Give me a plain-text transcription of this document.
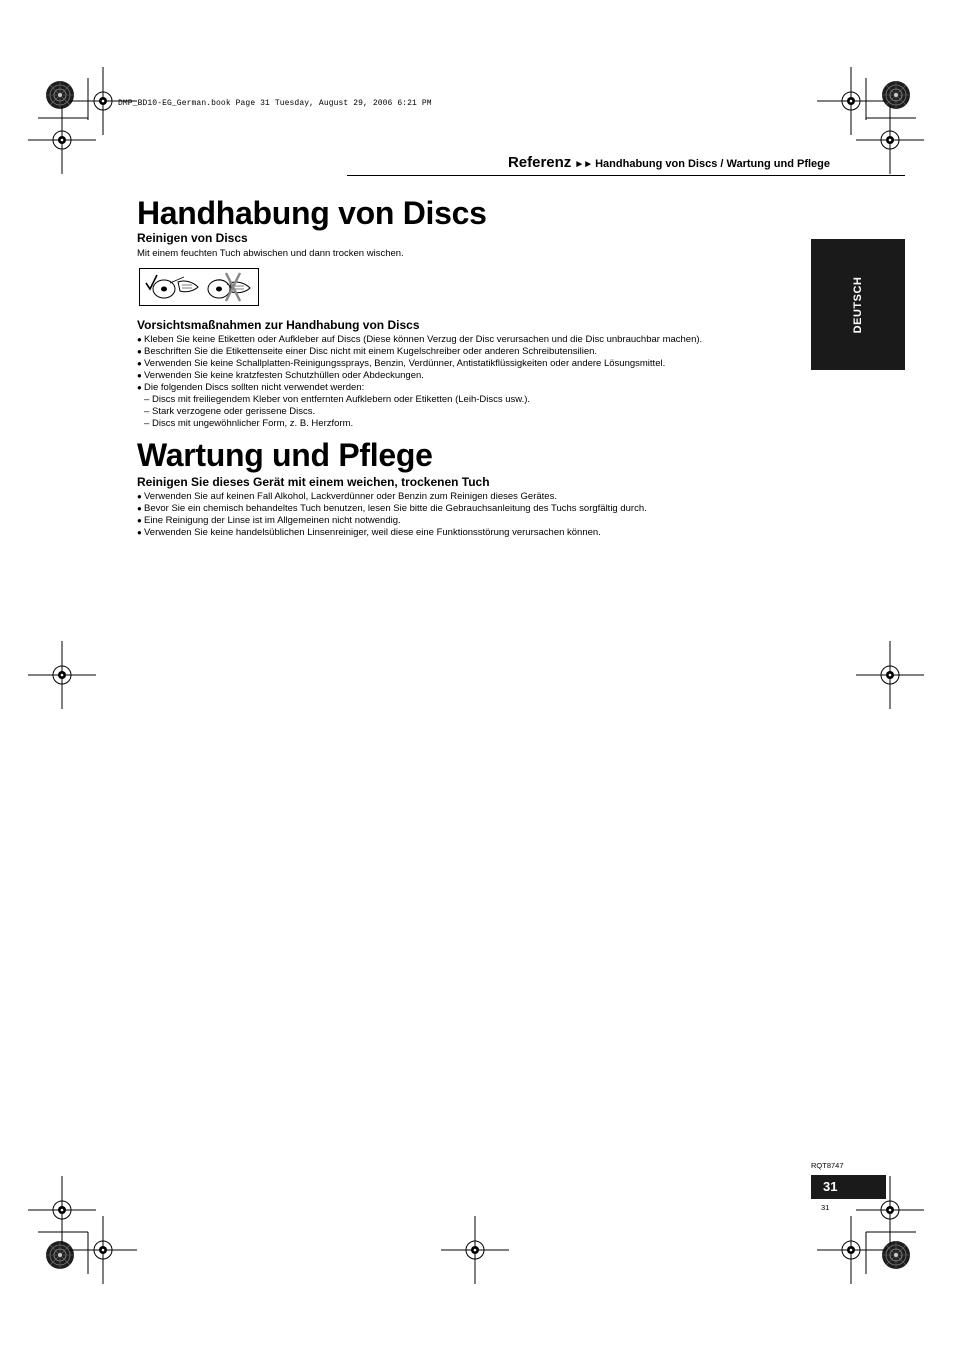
DMP_BD10-EG_German.book Page 31 Tuesday, August 29, 2006 6:21 PM
Referenz ►► Handhabung von Discs / Wartung und Pflege
DEUTSCH
Handhabung von Discs
Reinigen von Discs
Mit einem feuchten Tuch abwischen und dann trocken wischen.
Vorsichtsmaßnahmen zur Handhabung von Discs
● Kleben Sie keine Etiketten oder Aufkleber auf Discs (Diese können Verzug der Disc verursachen und die Disc unbrauchbar machen).
● Beschriften Sie die Etikettenseite einer Disc nicht mit einem Kugelschreiber oder anderen Schreibutensilien.
● Verwenden Sie keine Schallplatten-Reinigungssprays, Benzin, Verdünner, Antistatikflüssigkeiten oder andere Lösungsmittel.
● Verwenden Sie keine kratzfesten Schutzhüllen oder Abdeckungen.
● Die folgenden Discs sollten nicht verwendet werden:
– Discs mit freiliegendem Kleber von entfernten Aufklebern oder Etiketten (Leih-Discs usw.).
– Stark verzogene oder gerissene Discs.
– Discs mit ungewöhnlicher Form, z. B. Herzform.
Wartung und Pflege
Reinigen Sie dieses Gerät mit einem weichen, trockenen Tuch
● Verwenden Sie auf keinen Fall Alkohol, Lackverdünner oder Benzin zum Reinigen dieses Gerätes.
● Bevor Sie ein chemisch behandeltes Tuch benutzen, lesen Sie bitte die Gebrauchsanleitung des Tuchs sorgfältig durch.
● Eine Reinigung der Linse ist im Allgemeinen nicht notwendig.
● Verwenden Sie keine handelsüblichen Linsenreiniger, weil diese eine Funktionsstörung verursachen können.
RQT8747
31
31
